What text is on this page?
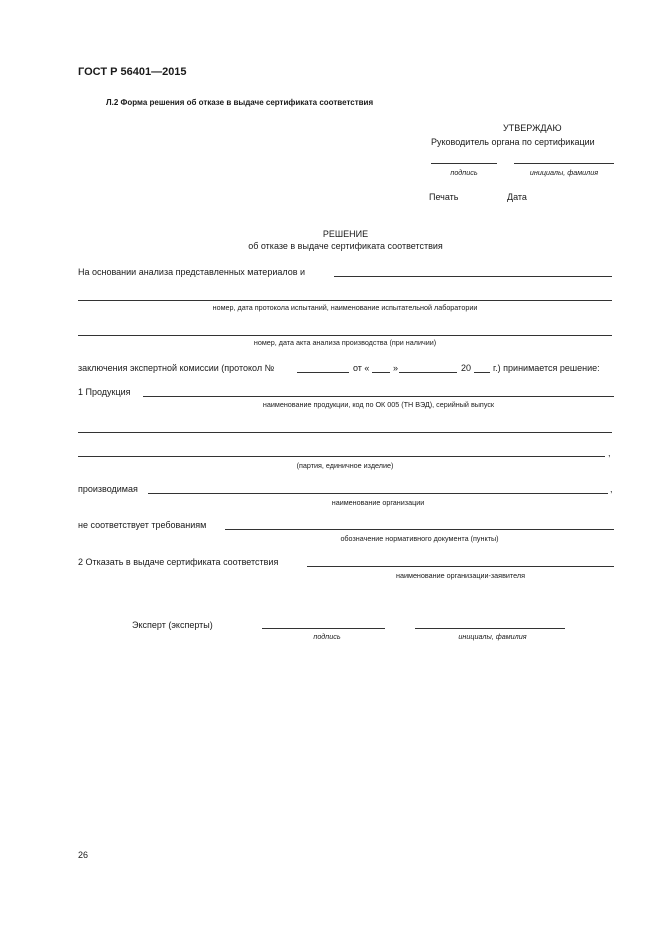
ГОСТ Р 56401—2015
Л.2 Форма решения об отказе в выдаче сертификата соответствия
УТВЕРЖДАЮ
Руководитель органа по сертификации
подпись	инициалы, фамилия
Печать	Дата
РЕШЕНИЕ
об отказе в выдаче сертификата соответствия
На основании анализа представленных материалов и
номер, дата протокола испытаний, наименование испытательной лаборатории
номер, дата акта анализа производства (при наличии)
заключения экспертной комиссии (протокол №	от «	»	20 г.) принимается решение:
1 Продукция
наименование продукции, код по ОК 005 (ТН ВЭД), серийный выпуск
,
(партия, единичное изделие)
производимая	,
наименование организации
не соответствует требованиям
обозначение нормативного документа (пункты)
2 Отказать в выдаче сертификата соответствия
наименование организации-заявителя
Эксперт (эксперты)
подпись	инициалы, фамилия
26
